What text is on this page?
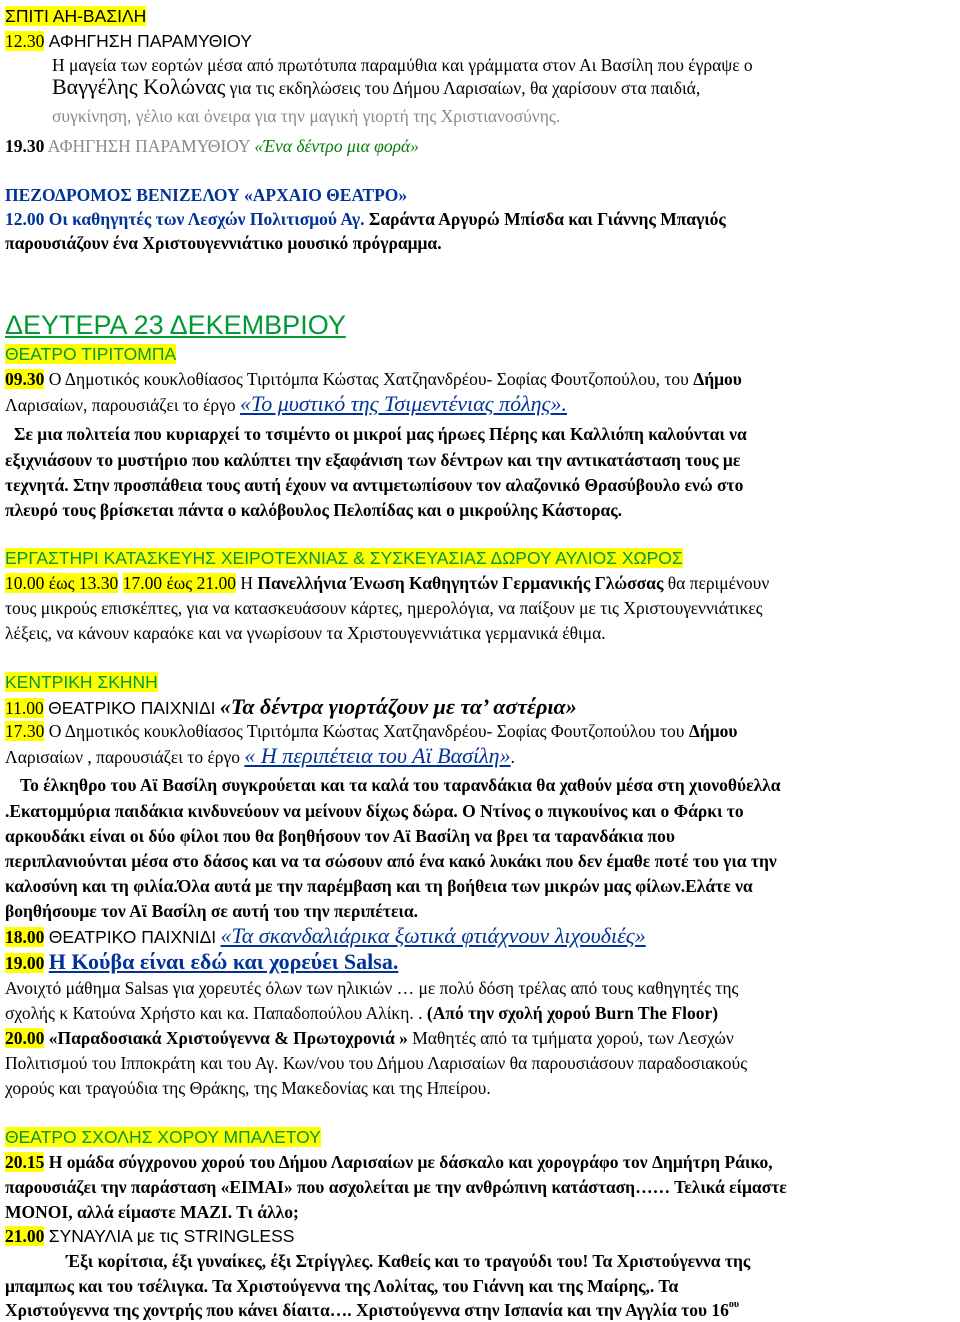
ΣΠΙΤΙ ΑΗ-ΒΑΣΙΛΗ
12.30 ΑΦΗΓΗΣΗ ΠΑΡΑΜΥΘΙΟΥ
Η μαγεία των εορτών μέσα από πρωτότυπα παραμύθια και γράμματα στον Αι Βασίλη που έγραψε ο
Βαγγέλης Κολώνας για τις εκδηλώσεις του Δήμου Λαρισαίων, θα χαρίσουν στα παιδιά,
συγκίνηση, γέλιο και όνειρα για την μαγική γιορτή της Χριστιανοσύνης.
19.30 ΑΦΗΓΗΣΗ ΠΑΡΑΜΥΘΙΟΥ «Ένα δέντρο μια φορά»
ΠΕΖΟΔΡΟΜΟΣ ΒΕΝΙΖΕΛΟΥ «ΑΡΧΑΙΟ ΘΕΑΤΡΟ»
12.00 Οι καθηγητές των Λεσχών Πολιτισμού Αγ. Σαράντα Αργυρώ Μπίσδα και Γιάννης Μπαγιός
παρουσιάζουν ένα Χριστουγεννιάτικο μουσικό πρόγραμμα.
ΔΕΥΤΕΡΑ 23 ΔΕΚΕΜΒΡΙΟΥ
ΘΕΑΤΡΟ ΤΙΡΙΤΟΜΠΑ
09.30 Ο Δημοτικός κουκλοθίασος Τιριτόμπα Κώστας Χατζηανδρέου- Σοφίας Φουτζοπούλου, του Δήμου
Λαρισαίων, παρουσιάζει το έργο «Το μυστικό της Τσιμεντένιας πόλης».
Σε μια πολιτεία που κυριαρχεί το τσιμέντο οι μικροί μας ήρωες Πέρης και Καλλιόπη καλούνται να
εξιχνιάσουν το μυστήριο που καλύπτει την εξαφάνιση των δέντρων και την αντικατάσταση τους με
τεχνητά. Στην προσπάθεια τους αυτή έχουν να αντιμετωπίσουν τον αλαζονικό Θρασύβουλο ενώ στο
πλευρό τους βρίσκεται πάντα ο καλόβουλος Πελοπίδας και ο μικρούλης Κάστορας.
ΕΡΓΑΣΤΗΡΙ ΚΑΤΑΣΚΕΥΗΣ ΧΕΙΡΟΤΕΧΝΙΑΣ & ΣΥΣΚΕΥΑΣΙΑΣ ΔΩΡΟΥ ΑΥΛΙΟΣ ΧΩΡΟΣ
10.00 έως 13.30 17.00 έως 21.00 Η Πανελλήνια Ένωση Καθηγητών Γερμανικής Γλώσσας θα περιμένουν
τους μικρούς επισκέπτες, για να κατασκευάσουν κάρτες, ημερολόγια, να παίξουν με τις Χριστουγεννιάτικες
λέξεις, να κάνουν καραόκε και να γνωρίσουν τα Χριστουγεννιάτικα γερμανικά έθιμα.
ΚΕΝΤΡΙΚΗ ΣΚΗΝΗ
11.00 ΘΕΑΤΡΙΚΟ ΠΑΙΧΝΙΔΙ «Τα δέντρα γιορτάζουν με τα’ αστέρια»
17.30 Ο Δημοτικός κουκλοθίασος Τιριτόμπα Κώστας Χατζηανδρέου- Σοφίας Φουτζοπούλου του Δήμου
Λαρισαίων , παρουσιάζει το έργο « Η περιπέτεια του Αϊ Βασίλη».
Το έλκηθρο του Αϊ Βασίλη συγκρούεται και τα καλά του ταρανδάκια θα χαθούν μέσα στη χιονοθύελλα
.Εκατομμύρια παιδάκια κινδυνεύουν να μείνουν δίχως δώρα. Ο Ντίνος ο πιγκουίνος και ο Φάρκι το
αρκουδάκι είναι οι δύο φίλοι που θα βοηθήσουν τον Αϊ Βασίλη να βρει τα ταρανδάκια που
περιπλανιούνται μέσα στο δάσος και να τα σώσουν από ένα κακό λυκάκι που δεν έμαθε ποτέ του για την
καλοσύνη και τη φιλία.Όλα αυτά με την παρέμβαση και τη βοήθεια των μικρών μας φίλων.Ελάτε να
βοηθήσουμε τον Αϊ Βασίλη σε αυτή του την περιπέτεια.
18.00 ΘΕΑΤΡΙΚΟ ΠΑΙΧΝΙΔΙ «Τα σκανδαλιάρικα ξωτικά φτιάχνουν λιχουδιές»
19.00 Η Κούβα είναι εδώ και χορεύει Salsa.
Ανοιχτό μάθημα Salsas για χορευτές όλων των ηλικιών … με πολύ δόση τρέλας από τους καθηγητές της
σχολής κ Κατούνα Χρήστο και κα. Παπαδοπούλου Αλίκη. . (Από την σχολή χορού Burn The Floor)
20.00 «Παραδοσιακά Χριστούγεννα & Πρωτοχρονιά » Μαθητές από τα τμήματα χορού, των Λεσχών
Πολιτισμού του Ιπποκράτη και του Αγ. Κων/νου του Δήμου Λαρισαίων θα παρουσιάσουν παραδοσιακούς
χορούς και τραγούδια της Θράκης, της Μακεδονίας και της Ηπείρου.
ΘΕΑΤΡΟ ΣΧΟΛΗΣ ΧΟΡΟΥ ΜΠΑΛΕΤΟΥ
20.15 Η ομάδα σύγχρονου χορού του Δήμου Λαρισαίων με δάσκαλο και χορογράφο τον Δημήτρη Ράικο,
παρουσιάζει την παράσταση «ΕΙΜΑΙ» που ασχολείται με την ανθρώπινη κατάσταση…… Τελικά είμαστε
ΜΟΝΟΙ, αλλά είμαστε ΜΑΖΙ. Τι άλλο;
21.00 ΣΥΝΑΥΛΙΑ με τις STRINGLESS
Έξι κορίτσια, έξι γυναίκες, έξι Στρίγγλες. Καθείς και το τραγούδι του! Τα Χριστούγεννα της
μπαμπως και του τσέλιγκα. Τα Χριστούγεννα της Λολίτας, του Γιάννη και της Μαίρης,. Τα
Χριστούγεννα της χοντρής που κάνει δίαιτα…. Χριστούγεννα στην Ισπανία και την Αγγλία του $16^{o\upsilon}$
